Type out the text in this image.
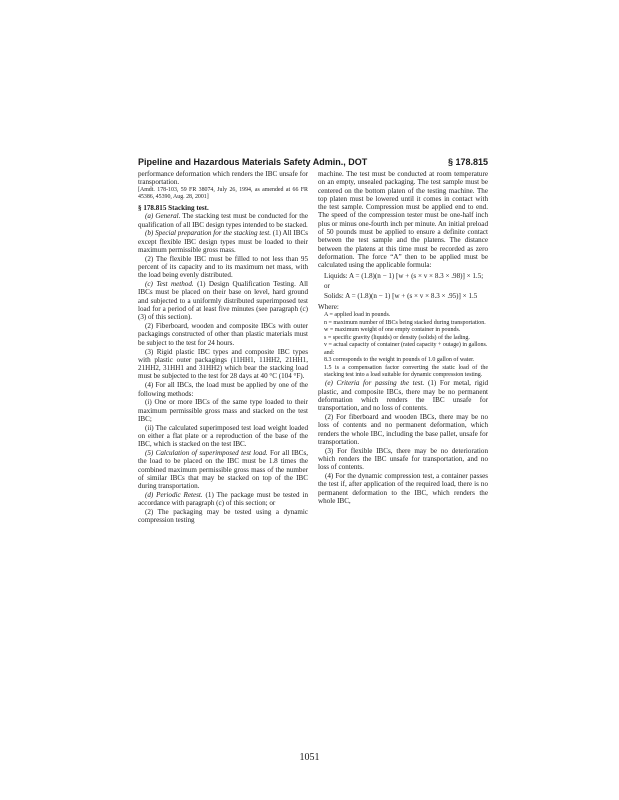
Pipeline and Hazardous Materials Safety Admin., DOT	§ 178.815

performance deformation which renders the IBC unsafe for transportation.

[Amdt. 178-103, 59 FR 38074, July 26, 1994, as amended at 66 FR 45386, 45390, Aug. 28, 2001]

§ 178.815 Stacking test.

(a) General. The stacking test must be conducted for the qualification of all IBC design types intended to be stacked.

(b) Special preparation for the stacking test. (1) All IBCs except flexible IBC design types must be loaded to their maximum permissible gross mass.

(2) The flexible IBC must be filled to not less than 95 percent of its capacity and to its maximum net mass, with the load being evenly distributed.

(c) Test method. (1) Design Qualification Testing. All IBCs must be placed on their base on level, hard ground and subjected to a uniformly distributed superimposed test load for a period of at least five minutes (see paragraph (c)(3) of this section).

(2) Fiberboard, wooden and composite IBCs with outer packagings constructed of other than plastic materials must be subject to the test for 24 hours.

(3) Rigid plastic IBC types and composite IBC types with plastic outer packagings (11HH1, 11HH2, 21HH1, 21HH2, 31HH1 and 31HH2) which bear the stacking load must be subjected to the test for 28 days at 40 °C (104 °F).

(4) For all IBCs, the load must be applied by one of the following methods:

(i) One or more IBCs of the same type loaded to their maximum permissible gross mass and stacked on the test IBC;

(ii) The calculated superimposed test load weight loaded on either a flat plate or a reproduction of the base of the IBC, which is stacked on the test IBC.

(5) Calculation of superimposed test load. For all IBCs, the load to be placed on the IBC must be 1.8 times the combined maximum permissible gross mass of the number of similar IBCs that may be stacked on top of the IBC during transportation.

(d) Periodic Retest. (1) The package must be tested in accordance with paragraph (c) of this section; or

(2) The packaging may be tested using a dynamic compression testing

machine. The test must be conducted at room temperature on an empty, unsealed packaging. The test sample must be centered on the bottom platen of the testing machine. The top platen must be lowered until it comes in contact with the test sample. Compression must be applied end to end. The speed of the compression tester must be one-half inch plus or minus one-fourth inch per minute. An initial preload of 50 pounds must be applied to ensure a definite contact between the test sample and the platens. The distance between the platens at this time must be recorded as zero deformation. The force “A” then to be applied must be calculated using the applicable formula:

Liquids: A = (1.8)(n − 1) [w + (s × v × 8.3 × .98)] × 1.5;

or

Solids: A = (1.8)(n − 1) [w + (s × v × 8.3 × .95)] × 1.5

Where:

A = applied load in pounds.

n = maximum number of IBCs being stacked during transportation.

w = maximum weight of one empty container in pounds.

s = specific gravity (liquids) or density (solids) of the lading.

v = actual capacity of container (rated capacity + outage) in gallons.

and:

8.3 corresponds to the weight in pounds of 1.0 gallon of water.

1.5 is a compensation factor converting the static load of the stacking test into a load suitable for dynamic compression testing.

(e) Criteria for passing the test. (1) For metal, rigid plastic, and composite IBCs, there may be no permanent deformation which renders the IBC unsafe for transportation, and no loss of contents.

(2) For fiberboard and wooden IBCs, there may be no loss of contents and no permanent deformation, which renders the whole IBC, including the base pallet, unsafe for transportation.

(3) For flexible IBCs, there may be no deterioration which renders the IBC unsafe for transportation, and no loss of contents.

(4) For the dynamic compression test, a container passes the test if, after application of the required load, there is no permanent deformation to the IBC, which renders the whole IBC,

1051
